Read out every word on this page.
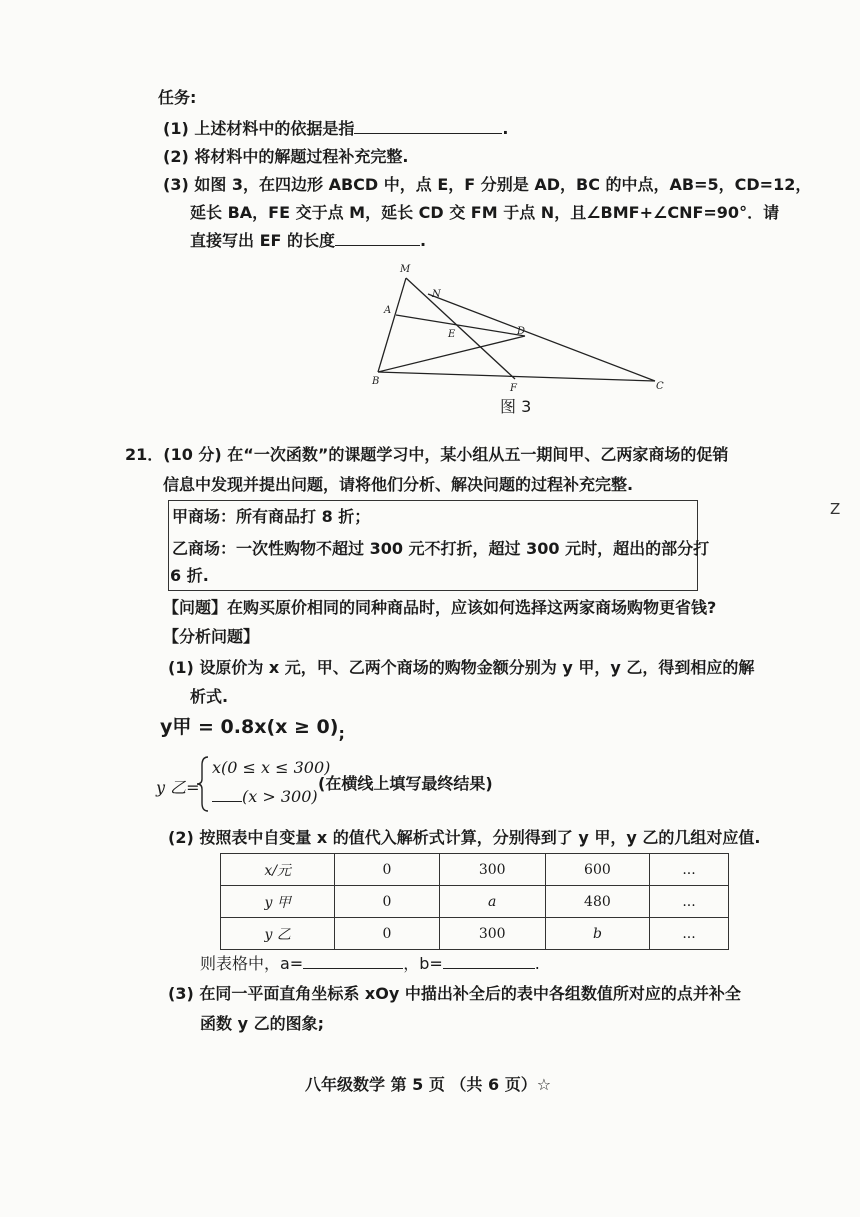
任务:
(1) 上述材料中的依据是指	.
(2) 将材料中的解题过程补充完整.
(3) 如图 3，在四边形 ABCD 中，点 E，F 分别是 AD，BC 的中点，AB=5，CD=12，
延长 BA，FE 交于点 M，延长 CD 交 FM 于点 N，且∠BMF+∠CNF=90°．请
直接写出 EF 的长度	.
M
N
A
E	D
B
F	C
图 3
21．(10 分) 在“一次函数”的课题学习中，某小组从五一期间甲、乙两家商场的促销
信息中发现并提出问题，请将他们分析、解决问题的过程补充完整.
甲商场：所有商品打 8 折；
乙商场：一次性购物不超过 300 元不打折，超过 300 元时，超出的部分打
6 折.
【问题】在购买原价相同的同种商品时，应该如何选择这两家商场购物更省钱?
【分析问题】
(1) 设原价为 x 元，甲、乙两个商场的购物金额分别为 y 甲，y 乙，得到相应的解
析式.
y甲 = $0.8x(x \ge 0)_;$
y 乙=
x(0 ≤ x ≤ 300)
(x > 300)
(在横线上填写最终结果)
(2) 按照表中自变量 x 的值代入解析式计算，分别得到了 y 甲，y 乙的几组对应值.
x/元	0	300	600	...
y 甲	0	a	480	...
y 乙	0	300	b	...
则表格中，a=	，b=	.
(3) 在同一平面直角坐标系 xOy 中描出补全后的表中各组数值所对应的点并补全
函数 y 乙的图象;
八年级数学 第 5 页 （共 6 页）☆
Z
